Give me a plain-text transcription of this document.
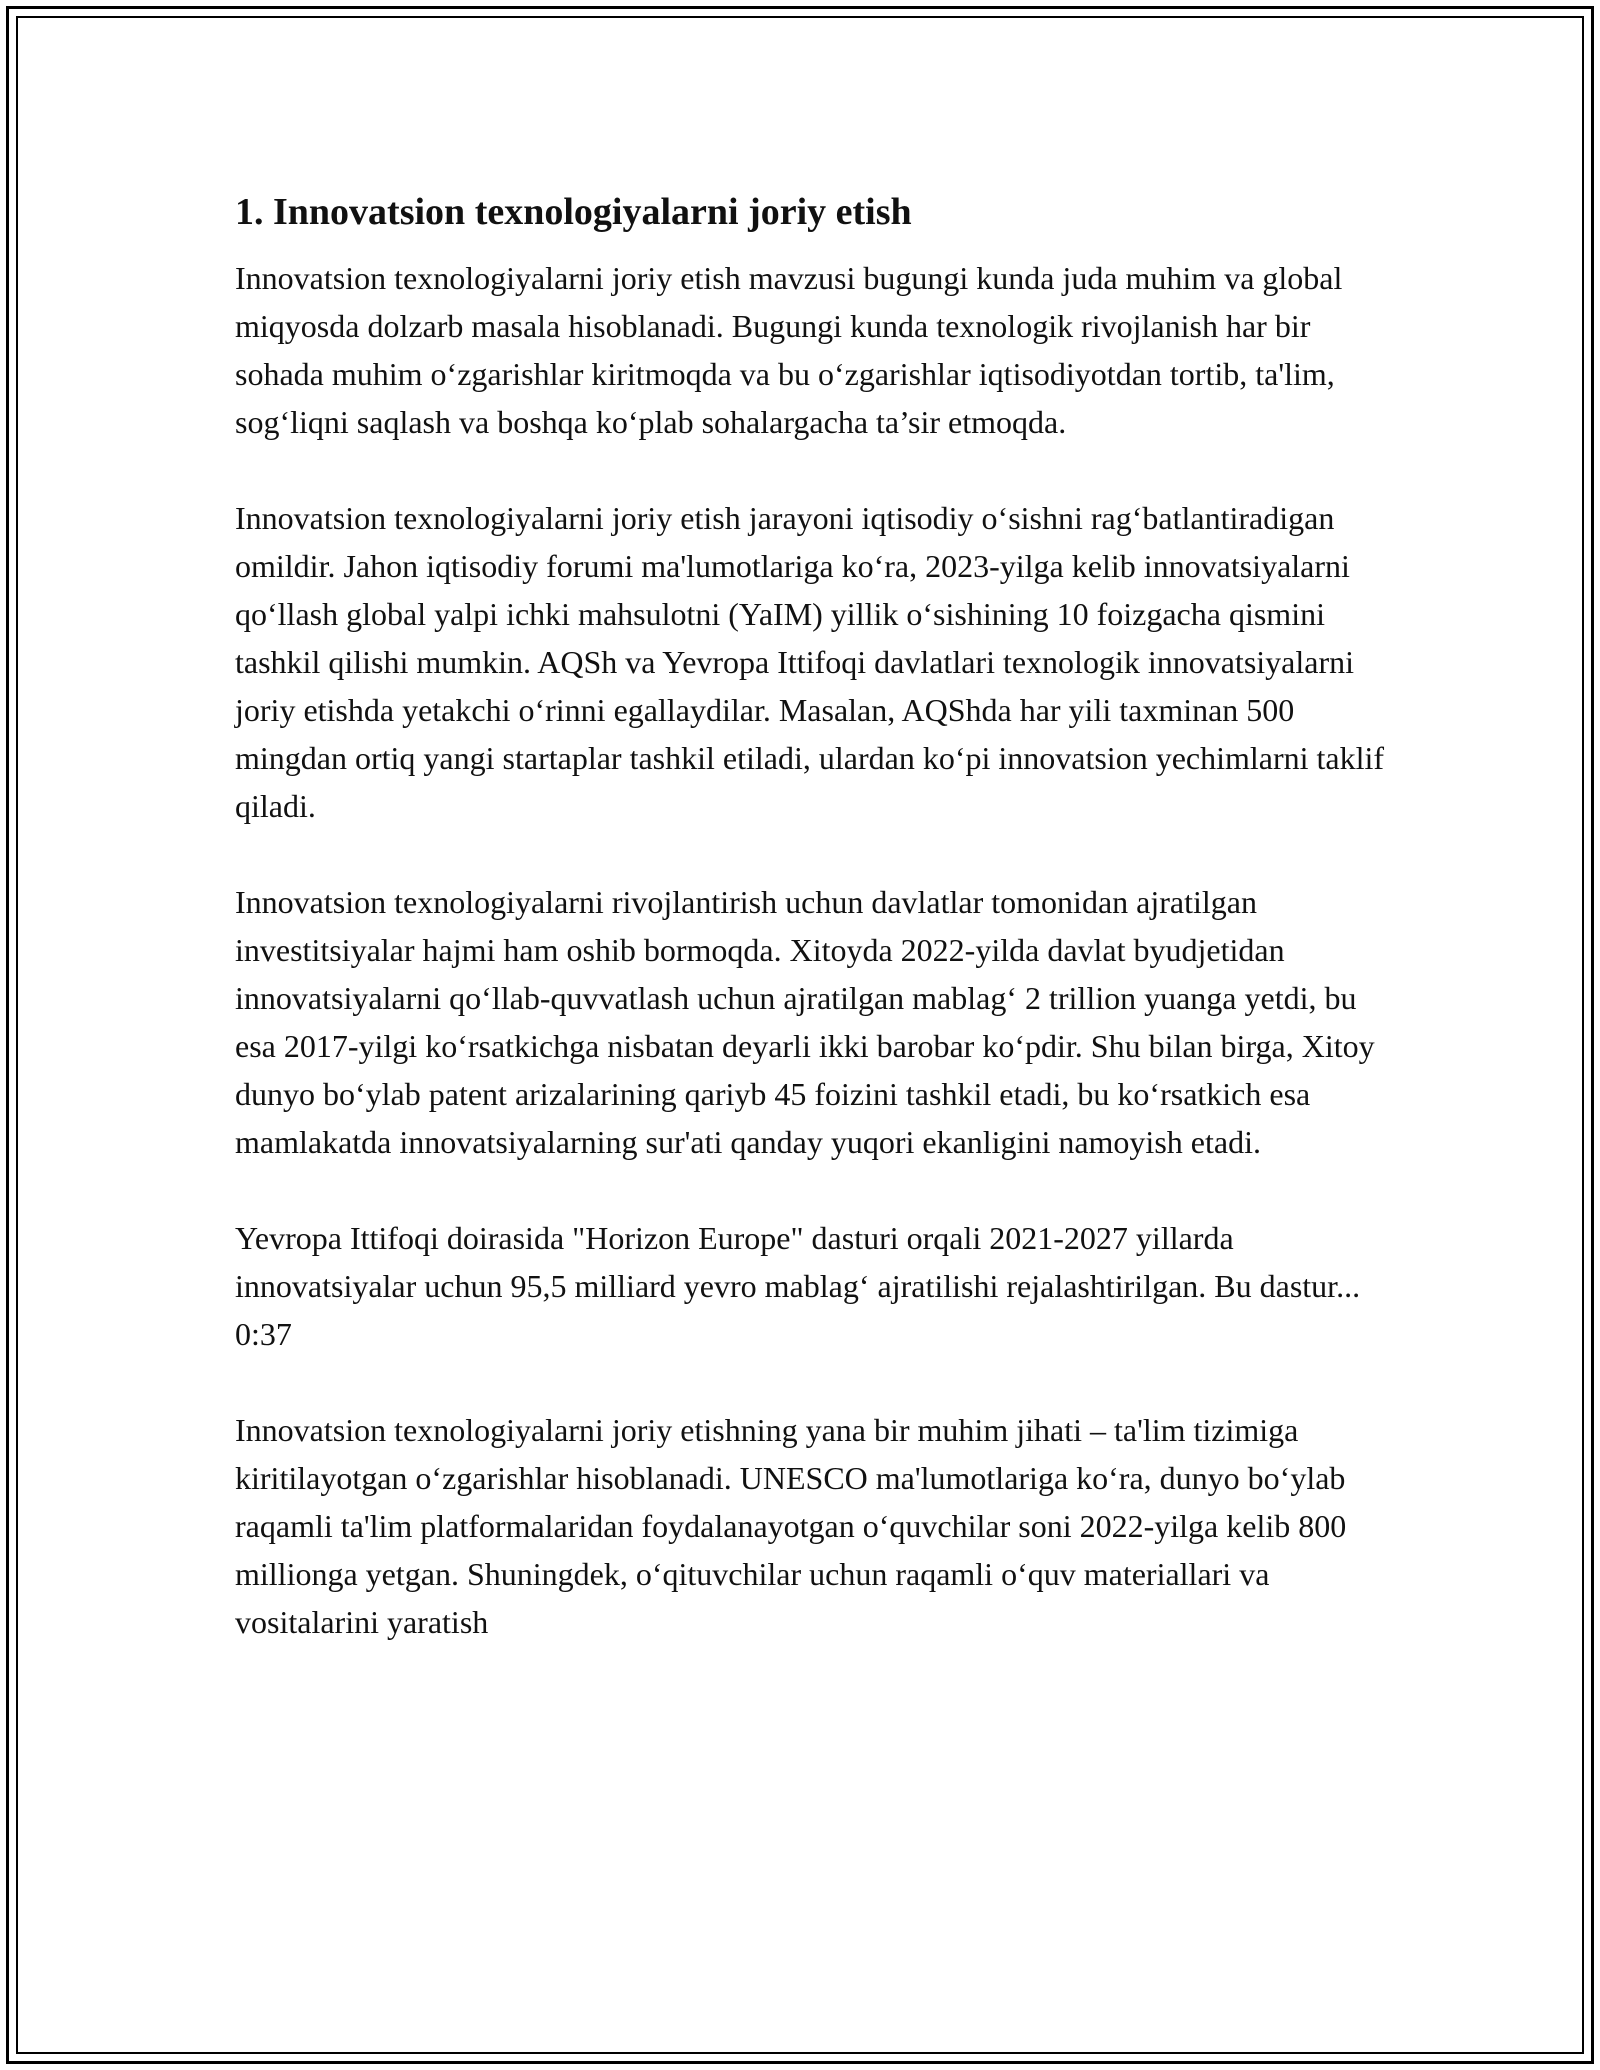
1. Innovatsion texnologiyalarni joriy etish

Innovatsion texnologiyalarni joriy etish mavzusi bugungi kunda juda muhim va global miqyosda dolzarb masala hisoblanadi. Bugungi kunda texnologik rivojlanish har bir sohada muhim o‘zgarishlar kiritmoqda va bu o‘zgarishlar iqtisodiyotdan tortib, ta'lim, sog‘liqni saqlash va boshqa ko‘plab sohalargacha ta’sir etmoqda.

Innovatsion texnologiyalarni joriy etish jarayoni iqtisodiy o‘sishni rag‘batlantiradigan omildir. Jahon iqtisodiy forumi ma'lumotlariga ko‘ra, 2023-yilga kelib innovatsiyalarni qo‘llash global yalpi ichki mahsulotni (YaIM) yillik o‘sishining 10 foizgacha qismini tashkil qilishi mumkin. AQSh va Yevropa Ittifoqi davlatlari texnologik innovatsiyalarni joriy etishda yetakchi o‘rinni egallaydilar. Masalan, AQShda har yili taxminan 500 mingdan ortiq yangi startaplar tashkil etiladi, ulardan ko‘pi innovatsion yechimlarni taklif qiladi.

Innovatsion texnologiyalarni rivojlantirish uchun davlatlar tomonidan ajratilgan investitsiyalar hajmi ham oshib bormoqda. Xitoyda 2022-yilda davlat byudjetidan innovatsiyalarni qo‘llab-quvvatlash uchun ajratilgan mablag‘ 2 trillion yuanga yetdi, bu esa 2017-yilgi ko‘rsatkichga nisbatan deyarli ikki barobar ko‘pdir. Shu bilan birga, Xitoy dunyo bo‘ylab patent arizalarining qariyb 45 foizini tashkil etadi, bu ko‘rsatkich esa mamlakatda innovatsiyalarning sur'ati qanday yuqori ekanligini namoyish etadi.

Yevropa Ittifoqi doirasida "Horizon Europe" dasturi orqali 2021-2027 yillarda innovatsiyalar uchun 95,5 milliard yevro mablag‘ ajratilishi rejalashtirilgan. Bu dastur...
0:37

Innovatsion texnologiyalarni joriy etishning yana bir muhim jihati – ta'lim tizimiga kiritilayotgan o‘zgarishlar hisoblanadi. UNESCO ma'lumotlariga ko‘ra, dunyo bo‘ylab raqamli ta'lim platformalaridan foydalanayotgan o‘quvchilar soni 2022-yilga kelib 800 millionga yetgan. Shuningdek, o‘qituvchilar uchun raqamli o‘quv materiallari va vositalarini yaratish
